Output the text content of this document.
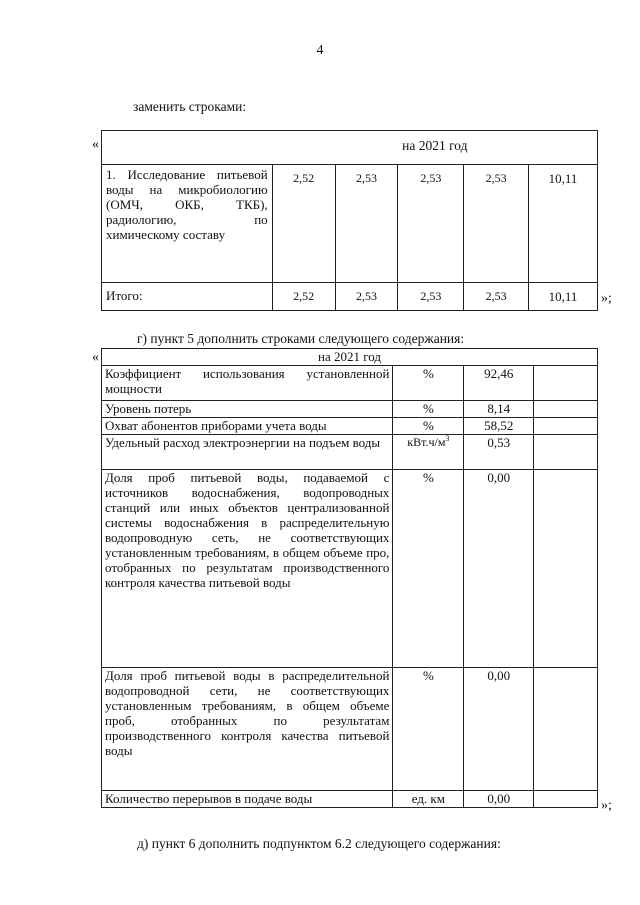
4
заменить строками:
«
		на 2021 год				
1. Исследование питьевой воды на микробиологию (ОМЧ, ОКБ, ТКБ), радиологию, по химическому составу	2,52	2,53	2,53	2,53	10,11
Итого:	2,52	2,53	2,53	2,53	10,11 »;
г) пункт 5 дополнить строками следующего содержания:
«	на 2021 год			
Коэффициент использования установленной мощности	%	92,46	
Уровень потерь	%	8,14	
Охват абонентов приборами учета воды	%	58,52	
Удельный расход электроэнергии на подъем воды	$кВт.ч/м^3$	0,53	
Доля проб питьевой воды, подаваемой с источников водоснабжения, водопроводных станций или иных объектов централизованной системы водоснабжения в распределительную водопроводную сеть, не соответствующих установленным требованиям, в общем объеме про, отобранных по результатам производственного контроля качества питьевой воды	%	0,00	
Доля проб питьевой воды в распределительной водопроводной сети, не соответствующих установленным требованиям, в общем объеме проб, отобранных по результатам производственного контроля качества питьевой воды	%	0,00	
Количество перерывов в подаче воды	ед. км	0,00		»;
д) пункт 6 дополнить подпунктом 6.2 следующего содержания:
